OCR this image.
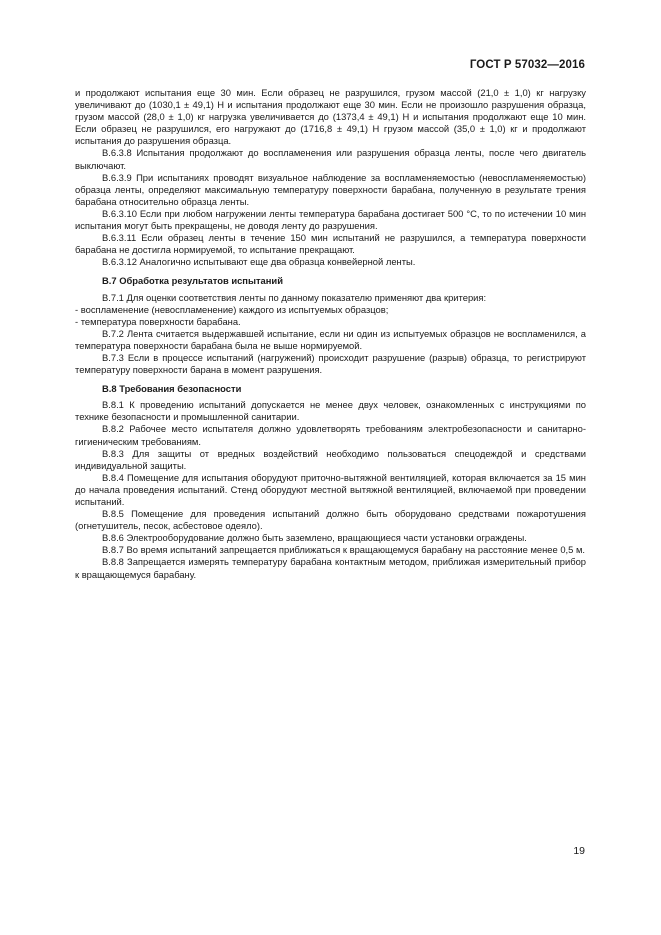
ГОСТ Р 57032—2016

и продолжают испытания еще 30 мин. Если образец не разрушился, грузом массой (21,0 ± 1,0) кг нагрузку увеличивают до (1030,1 ± 49,1) Н и испытания продолжают еще 30 мин. Если не произошло разрушения образца, грузом массой (28,0 ± 1,0) кг нагрузка увеличивается до (1373,4 ± 49,1) Н и испытания продолжают еще 10 мин. Если образец не разрушился, его нагружают до (1716,8 ± 49,1) Н грузом массой (35,0 ± 1,0) кг и продолжают испытания до разрушения образца.

В.6.3.8 Испытания продолжают до воспламенения или разрушения образца ленты, после чего двигатель выключают.

В.6.3.9 При испытаниях проводят визуальное наблюдение за воспламеняемостью (невоспламеняемостью) образца ленты, определяют максимальную температуру поверхности барабана, полученную в результате трения барабана относительно образца ленты.

В.6.3.10 Если при любом нагружении ленты температура барабана достигает 500 °С, то по истечении 10 мин испытания могут быть прекращены, не доводя ленту до разрушения.

В.6.3.11 Если образец ленты в течение 150 мин испытаний не разрушился, а температура поверхности барабана не достигла нормируемой, то испытание прекращают.

В.6.3.12 Аналогично испытывают еще два образца конвейерной ленты.

В.7 Обработка результатов испытаний

В.7.1 Для оценки соответствия ленты по данному показателю применяют два критерия:

- воспламенение (невоспламенение) каждого из испытуемых образцов;

- температура поверхности барабана.

В.7.2 Лента считается выдержавшей испытание, если ни один из испытуемых образцов не воспламенился, а температура поверхности барабана была не выше нормируемой.

В.7.3 Если в процессе испытаний (нагружений) происходит разрушение (разрыв) образца, то регистрируют температуру поверхности барана в момент разрушения.

В.8 Требования безопасности

В.8.1 К проведению испытаний допускается не менее двух человек, ознакомленных с инструкциями по технике безопасности и промышленной санитарии.

В.8.2 Рабочее место испытателя должно удовлетворять требованиям электробезопасности и санитарно-гигиеническим требованиям.

В.8.3 Для защиты от вредных воздействий необходимо пользоваться спецодеждой и средствами индивидуальной защиты.

В.8.4 Помещение для испытания оборудуют приточно-вытяжной вентиляцией, которая включается за 15 мин до начала проведения испытаний. Стенд оборудуют местной вытяжной вентиляцией, включаемой при проведении испытаний.

В.8.5 Помещение для проведения испытаний должно быть оборудовано средствами пожаротушения (огнетушитель, песок, асбестовое одеяло).

В.8.6 Электрооборудование должно быть заземлено, вращающиеся части установки ограждены.

В.8.7 Во время испытаний запрещается приближаться к вращающемуся барабану на расстояние менее 0,5 м.

В.8.8 Запрещается измерять температуру барабана контактным методом, приближая измерительный прибор к вращающемуся барабану.

19
